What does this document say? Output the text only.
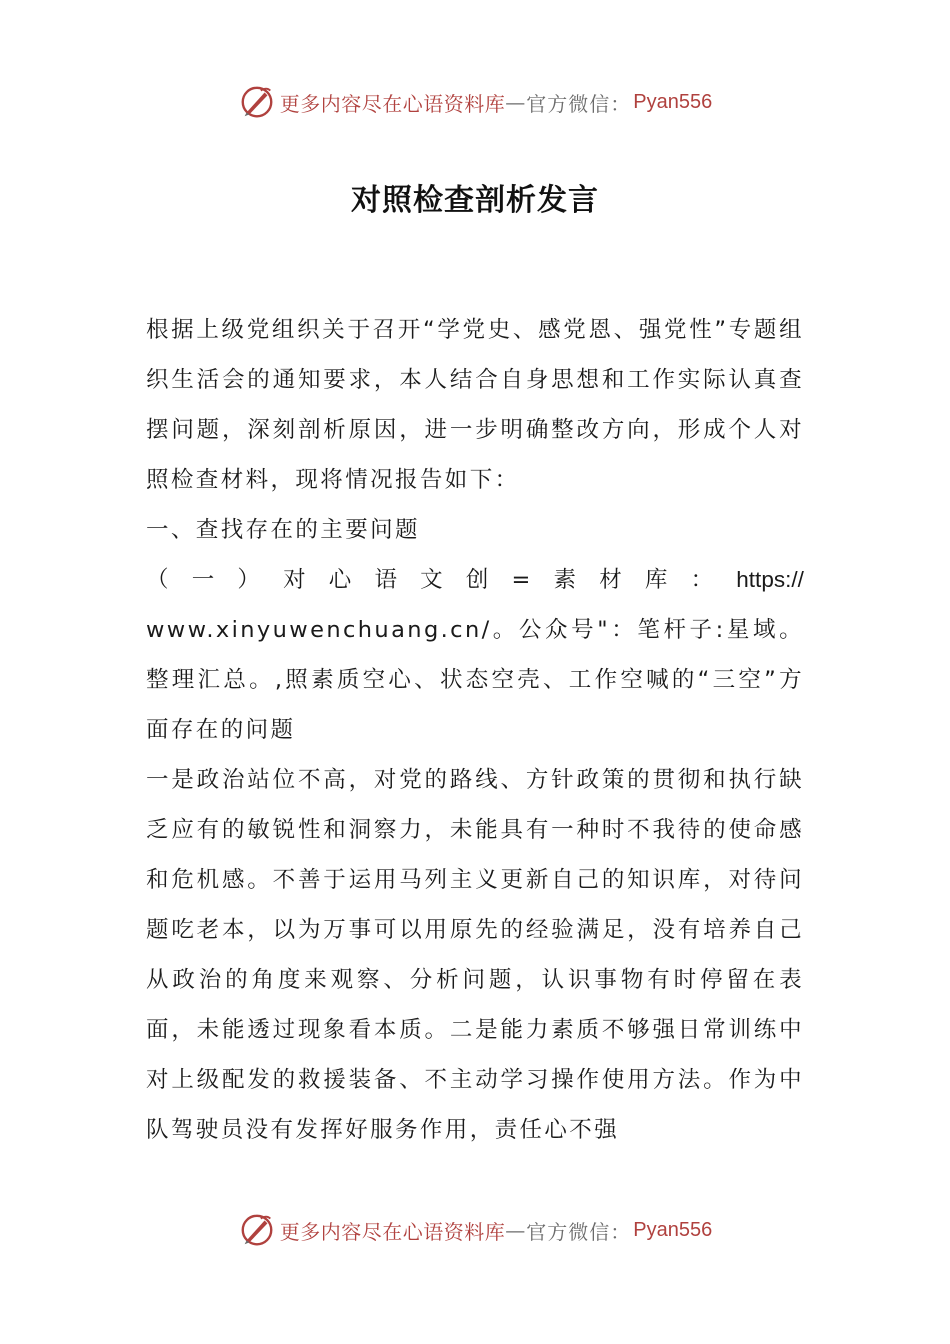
更多内容尽在心语资料库 — 官方微信： Pyan556
对照检查剖析发言

根据上级党组织关于召开“学党史、感党恩、强党性”专题组织生活会的通知要求，本人结合自身思想和工作实际认真查摆问题，深刻剖析原因，进一步明确整改方向，形成个人对照检查材料，现将情况报告如下：

一、查找存在的主要问题

（ 一 ） 对 心 语 文 创 = 素 材 库 ： https://

www.xinyuwenchuang.cn/。公众号"：笔杆子:星域。整理汇总。,照素质空心、状态空壳、工作空喊的“三空”方面存在的问题

一是政治站位不高，对党的路线、方针政策的贯彻和执行缺乏应有的敏锐性和洞察力，未能具有一种时不我待的使命感和危机感。不善于运用马列主义更新自己的知识库，对待问题吃老本，以为万事可以用原先的经验满足，没有培养自己从政治的角度来观察、分析问题，认识事物有时停留在表面，未能透过现象看本质。二是能力素质不够强日常训练中对上级配发的救援装备、不主动学习操作使用方法。作为中队驾驶员没有发挥好服务作用，责任心不强

更多内容尽在心语资料库 — 官方微信： Pyan556
